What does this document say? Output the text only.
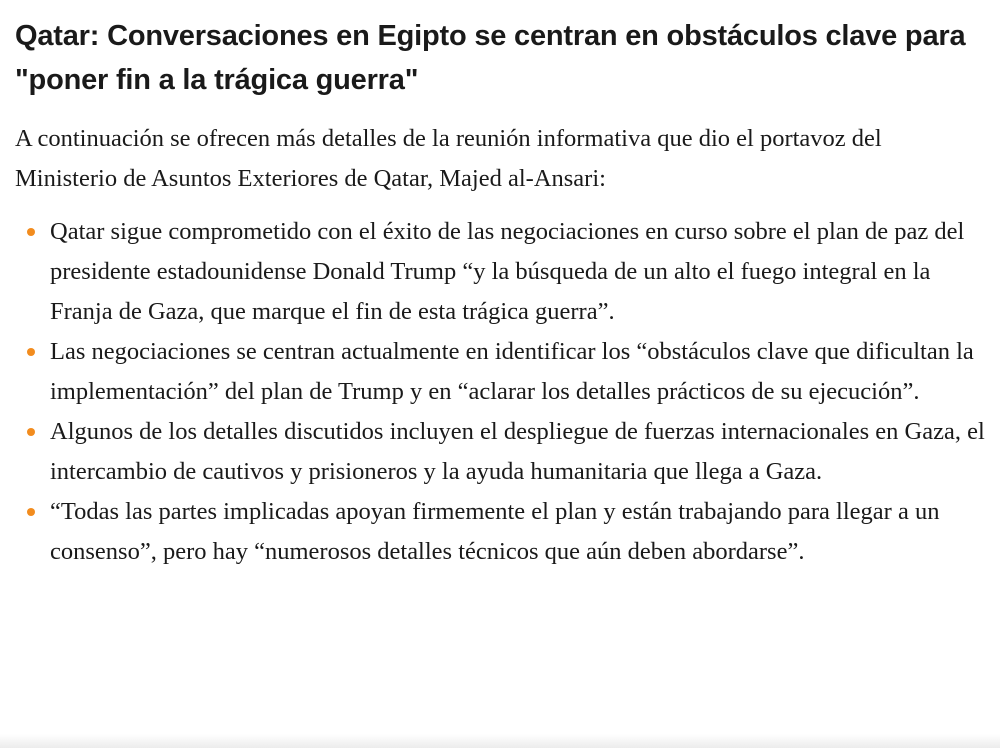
Qatar: Conversaciones en Egipto se centran en obstáculos clave para "poner fin a la trágica guerra"

A continuación se ofrecen más detalles de la reunión informativa que dio el portavoz del Ministerio de Asuntos Exteriores de Qatar, Majed al-Ansari:

Qatar sigue comprometido con el éxito de las negociaciones en curso sobre el plan de paz del presidente estadounidense Donald Trump “y la búsqueda de un alto el fuego integral en la Franja de Gaza, que marque el fin de esta trágica guerra”.
Las negociaciones se centran actualmente en identificar los “obstáculos clave que dificultan la implementación” del plan de Trump y en “aclarar los detalles prácticos de su ejecución”.
Algunos de los detalles discutidos incluyen el despliegue de fuerzas internacionales en Gaza, el intercambio de cautivos y prisioneros y la ayuda humanitaria que llega a Gaza.
“Todas las partes implicadas apoyan firmemente el plan y están trabajando para llegar a un consenso”, pero hay “numerosos detalles técnicos que aún deben abordarse”.
